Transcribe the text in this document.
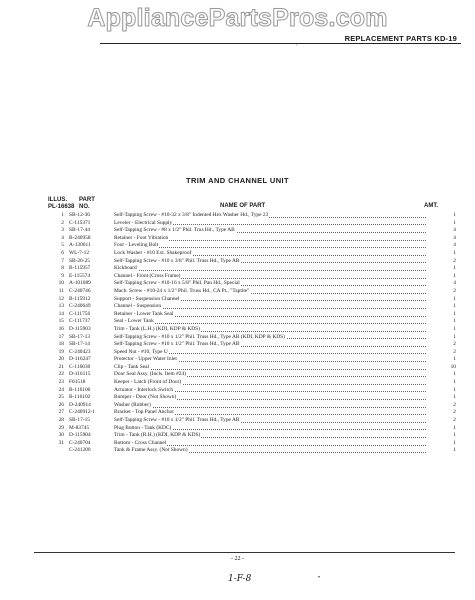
AppliancePartsPros.com
REPLACEMENT PARTS KD-19
'
TRIM AND CHANNEL UNIT
ILLUS.
PL-16638
PART
NO.	NAME OF PART	AMT.
1 SB-12-36	Self-Tapping Screw - #10-32 x 3/8" Indented Hex Washer Hd., Type 23	1
2 C-115371	Leveler - Electrical Supply	1
3 SB-17-44	Self-Tapping Screw - #8 x 1/2" Phil. Trus Hd., Type AB	4
4 B-240958	Retainer - Foot Vibration	4
5 A-130611	Foot - Leveling Bolt	4
6 WL-7-12	Lock Washer - #10 Ext. Shakeproof	1
7 SB-26-25	Self-Tapping Screw - #10 x 3/8" Phil. Truss Hd., Type AB	2
8 B-115957	Kickboard	1
9 E-115574	Channel - Front (Cross Frame)	1
10 A-101089	Self-Tapping Screw - #10-16 x 5/8" Phil. Pan Hd., Special	4
11 C-240746	Mach. Screw - #10-24 x 1/2" Phil. Truss Hd., CA Pt., "Taptite"	2
12 B-115912	Support - Suspension Channel	1
13 C-240649	Channel - Suspension	1
14 C-111756	Retainer - Lower Tank Seal	1
15 C-111737	Seal - Lower Tank	1
16 D-115903	Trim - Tank (L.H.) (KDI, KDP & KDS)	1
17 SB-17-13	Self-Tapping Screw - #10 x 1/2" Phil. Truss Hd., Type AB (KDI, KDP & KDS)	1
18 SB-17-14	Self-Tapping Screw - #10 x 1/2" Phil. Truss Hd., Type AB	2
19 C-240423	Speed Nut - #10, Type U	2
20 D-116247	Protector - Upper Water Inlet	1
21 C-116030	Clip - Tank Seal	10
22 D-116115	Door Seal Assy. (Incls. Item #24)	1
23 F61518	Keeper - Latch (Front of Door)	1
24 B-116106	Actuator - Interlock Switch	1
25 B-116102	Bumper - Door (Not Shown)	1
26 D-240914	Washer (Rubber)	2
27 C-240912-1	Bracket - Top Panel Anchor	2
28 SB-17-15	Self-Tapping Screw - #10 x 1/2" Phil. Truss Hd., Type AB	2
29 M-83745	Plug Button - Tank (KDC)	1
30 D-115904	Trim - Tank (R.H.) (KDI, KDP & KDS)	1
31 C-240704	Bottom - Cross Channel	1
C-241200	Tank & Frame Assy. (Not Shown)	1
- 22 -
1-F-8	•
